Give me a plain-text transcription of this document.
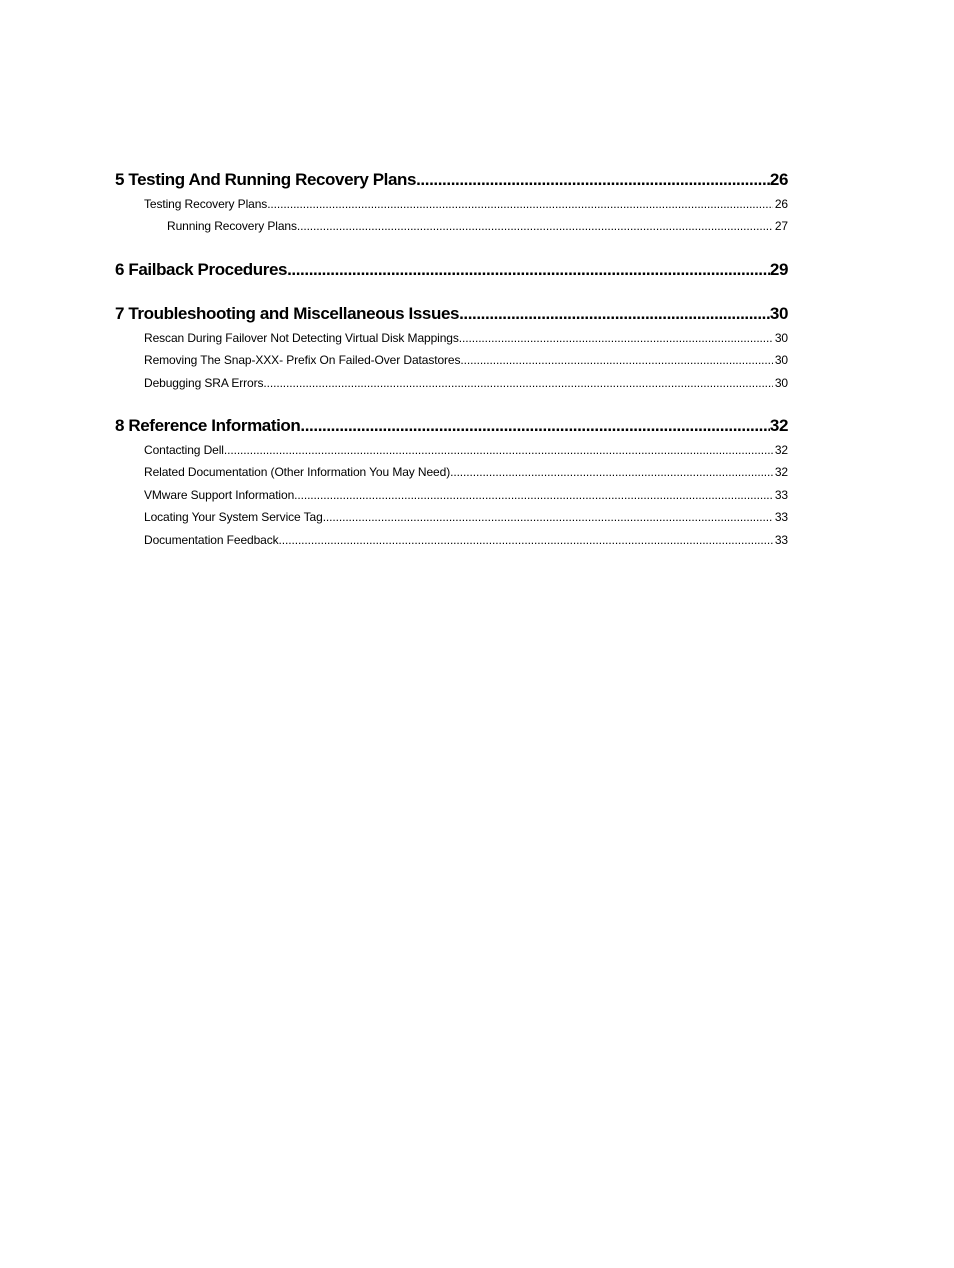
5 Testing And Running Recovery Plans .....	26
Testing Recovery Plans .....	26
Running Recovery Plans .....	27
6 Failback Procedures .....	29
7 Troubleshooting and Miscellaneous Issues .....	30
Rescan During Failover Not Detecting Virtual Disk Mappings .....	30
Removing The Snap-XXX- Prefix On Failed-Over Datastores .....	30
Debugging SRA Errors .....	30
8 Reference Information .....	32
Contacting Dell .....	32
Related Documentation (Other Information You May Need) .....	32
VMware Support Information .....	33
Locating Your System Service Tag .....	33
Documentation Feedback .....	33
